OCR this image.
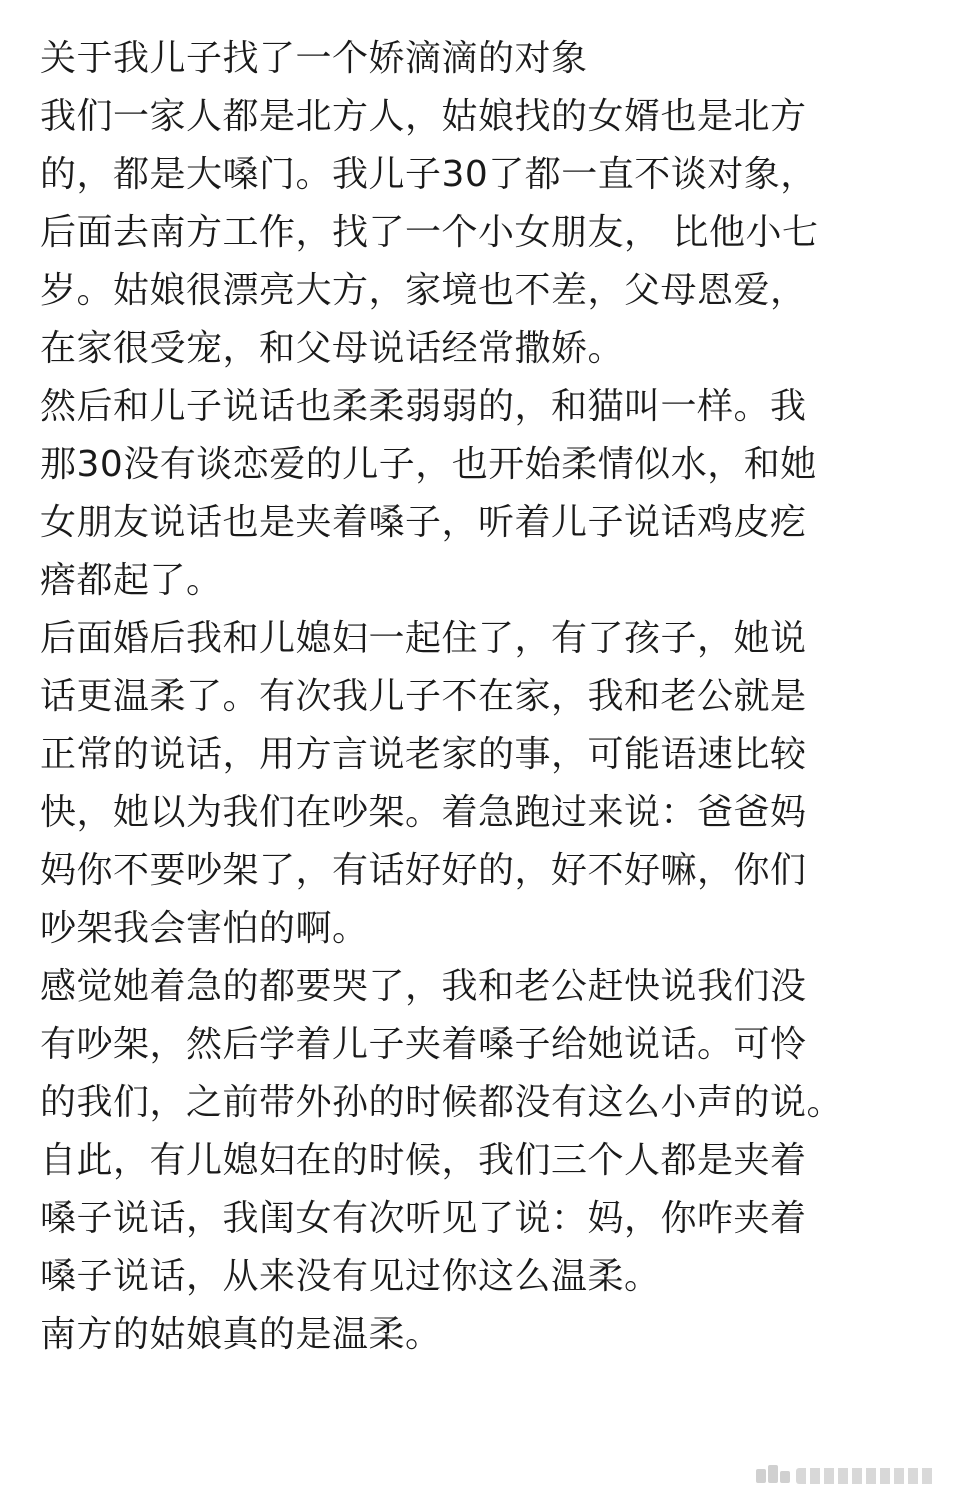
关于我儿子找了一个娇滴滴的对象

我们一家人都是北方人，姑娘找的女婿也是北方
的，都是大嗓门。我儿子30了都一直不谈对象，
后面去南方工作，找了一个小女朋友， 比他小七
岁。姑娘很漂亮大方，家境也不差，父母恩爱，
在家很受宠，和父母说话经常撒娇。

然后和儿子说话也柔柔弱弱的，和猫叫一样。我
那30没有谈恋爱的儿子，也开始柔情似水，和她
女朋友说话也是夹着嗓子，听着儿子说话鸡皮疙
瘩都起了。

后面婚后我和儿媳妇一起住了，有了孩子，她说
话更温柔了。有次我儿子不在家，我和老公就是
正常的说话，用方言说老家的事，可能语速比较
快，她以为我们在吵架。着急跑过来说：爸爸妈
妈你不要吵架了，有话好好的，好不好嘛，你们
吵架我会害怕的啊。

感觉她着急的都要哭了，我和老公赶快说我们没
有吵架，然后学着儿子夹着嗓子给她说话。可怜
的我们，之前带外孙的时候都没有这么小声的说。

自此，有儿媳妇在的时候，我们三个人都是夹着
嗓子说话，我闺女有次听见了说：妈，你咋夹着
嗓子说话，从来没有见过你这么温柔。

南方的姑娘真的是温柔。
